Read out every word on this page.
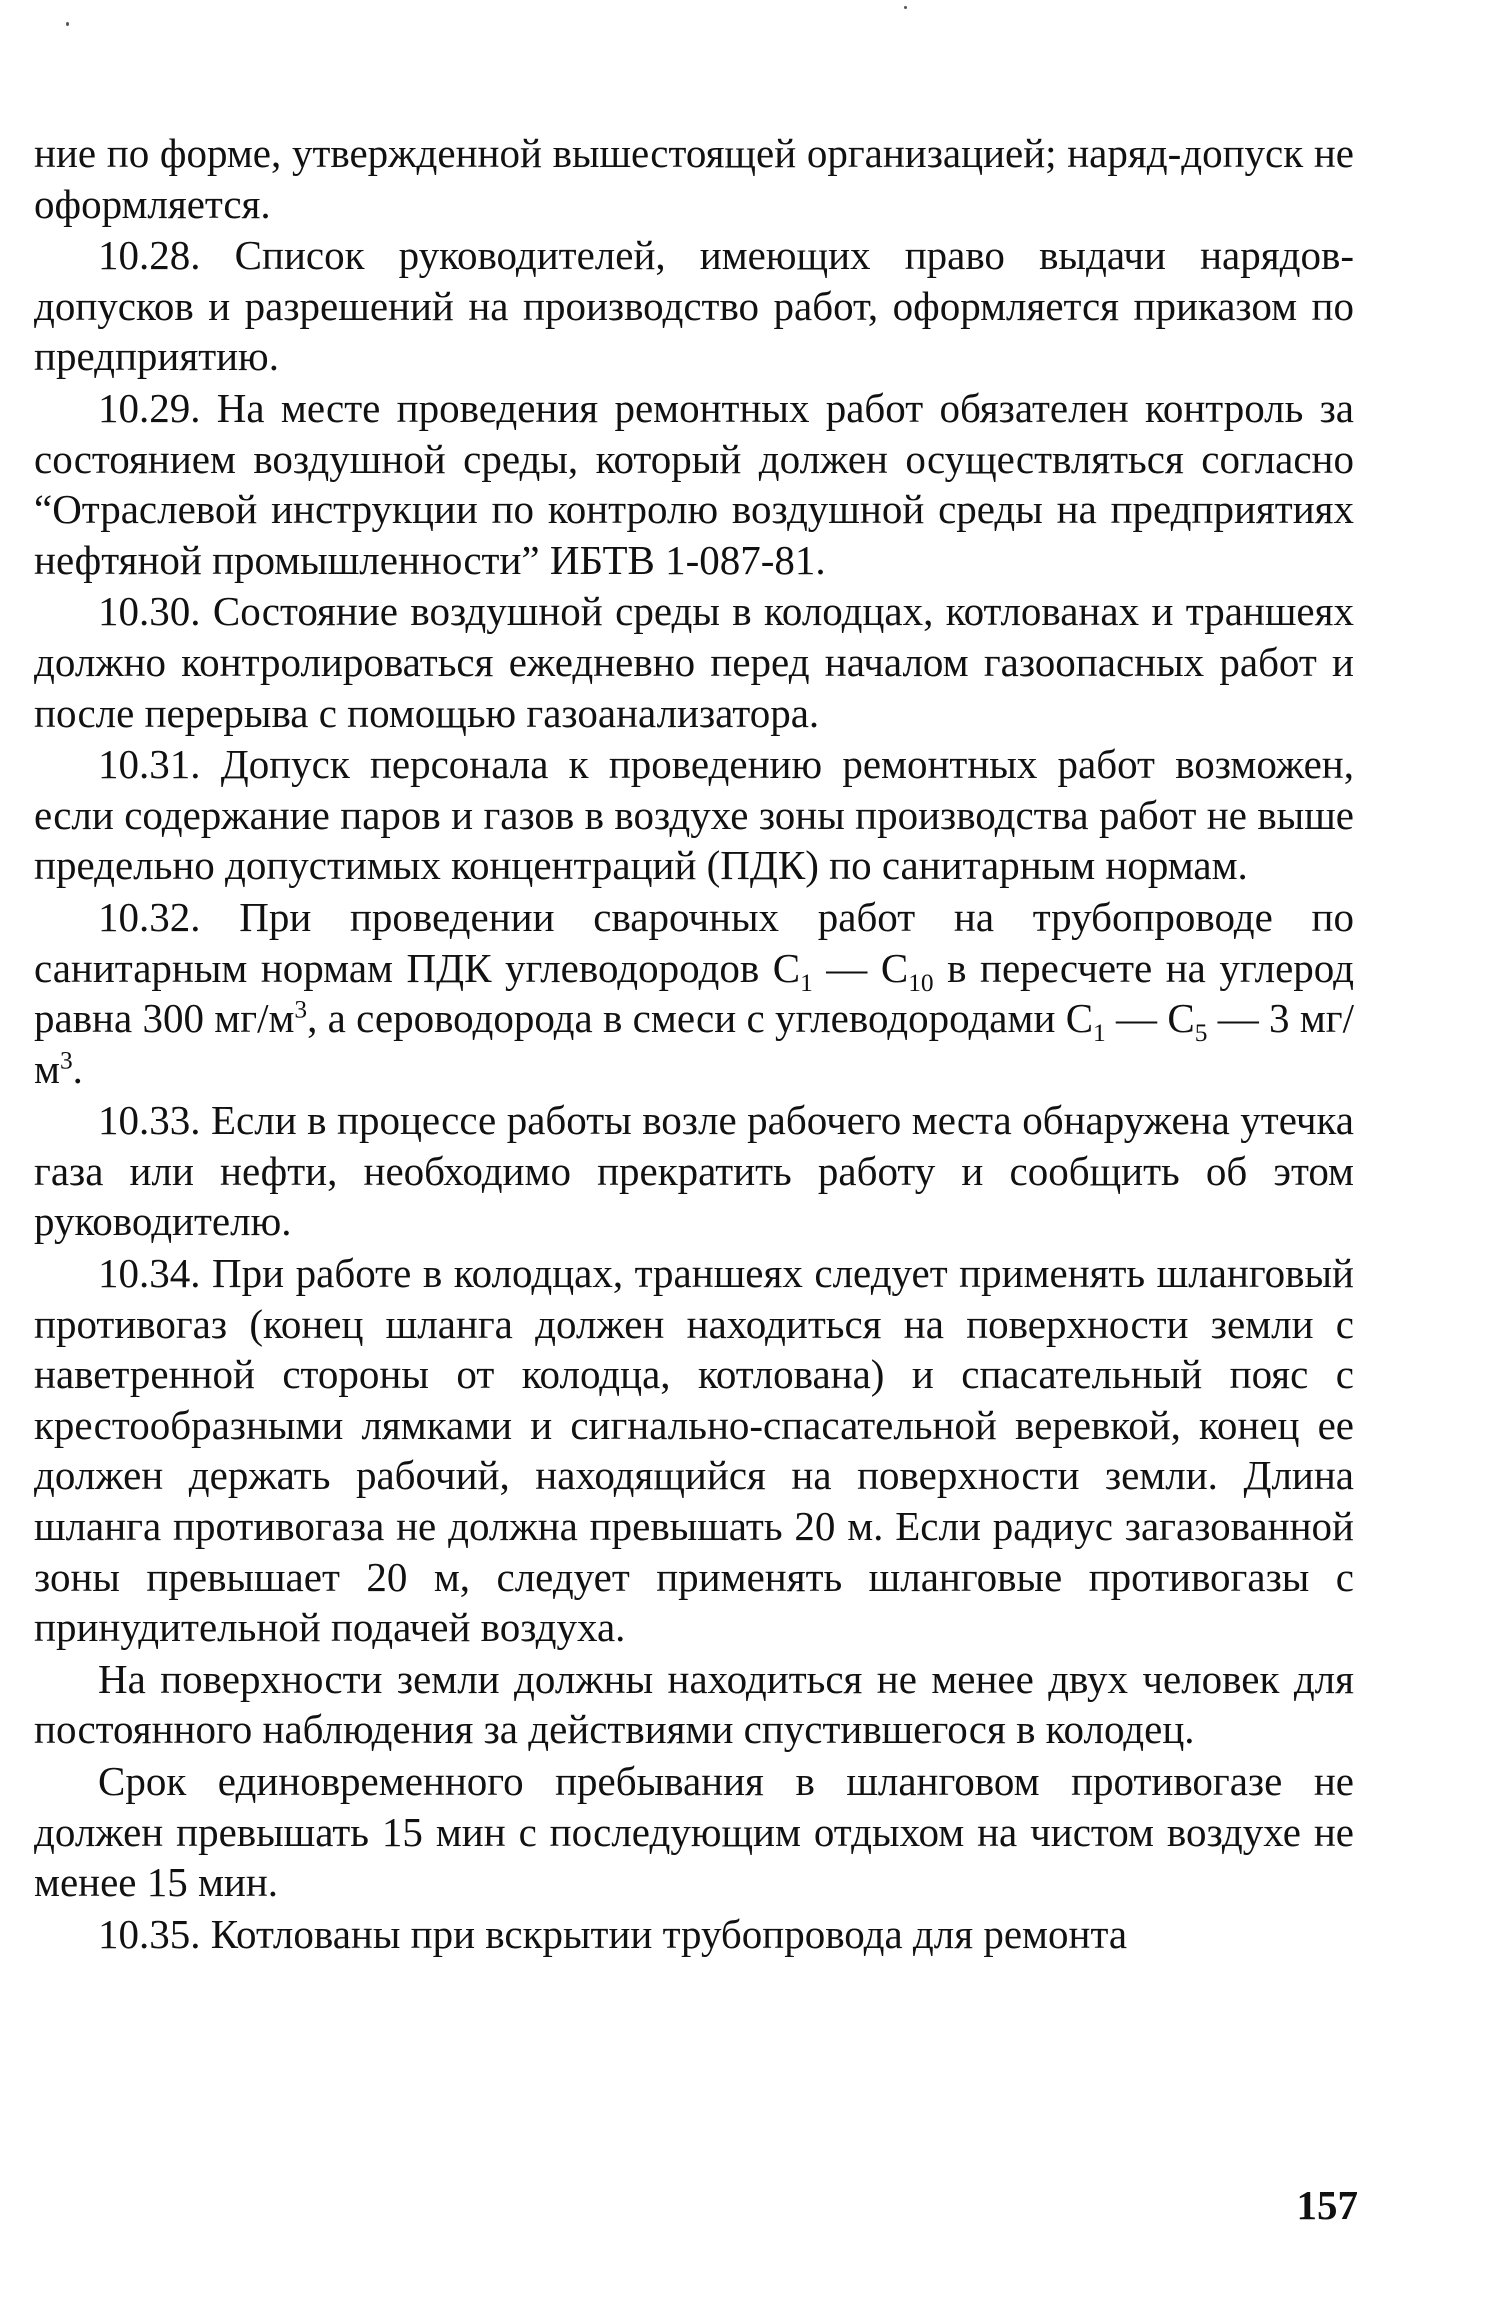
ние по форме, утвержденной вышестоящей организацией; наряд-допуск не оформляется.

10.28. Список руководителей, имеющих право выдачи нарядов-допусков и разрешений на производство работ, оформляется приказом по предприятию.

10.29. На месте проведения ремонтных работ обязателен контроль за состоянием воздушной среды, который должен осуществляться согласно “Отраслевой инструкции по контролю воздушной среды на предприятиях нефтяной промышленности” ИБТВ 1-087-81.

10.30. Состояние воздушной среды в колодцах, котлованах и траншеях должно контролироваться ежедневно перед началом газоопасных работ и после перерыва с помощью газоанализатора.

10.31. Допуск персонала к проведению ремонтных работ возможен, если содержание паров и газов в воздухе зоны производства работ не выше предельно допустимых концентраций (ПДК) по санитарным нормам.

10.32. При проведении сварочных работ на трубопроводе по санитарным нормам ПДК углеводородов $C_1$ — $C_{10}$ в пересчете на углерод равна 300 $мг/м^3$, а сероводорода в смеси с углеводородами $C_1$ — $C_5$ — 3 $мг/м^3$.

10.33. Если в процессе работы возле рабочего места обнаружена утечка газа или нефти, необходимо прекратить работу и сообщить об этом руководителю.

10.34. При работе в колодцах, траншеях следует применять шланговый противогаз (конец шланга должен находиться на поверхности земли с наветренной стороны от колодца, котлована) и спасательный пояс с крестообразными лямками и сигнально-спасательной веревкой, конец ее должен держать рабочий, находящийся на поверхности земли. Длина шланга противогаза не должна превышать 20 м. Если радиус загазованной зоны превышает 20 м, следует применять шланговые противогазы с принудительной подачей воздуха.

На поверхности земли должны находиться не менее двух человек для постоянного наблюдения за действиями спустившегося в колодец.

Срок единовременного пребывания в шланговом противогазе не должен превышать 15 мин с последующим отдыхом на чистом воздухе не менее 15 мин.

10.35. Котлованы при вскрытии трубопровода для ремонта

157
